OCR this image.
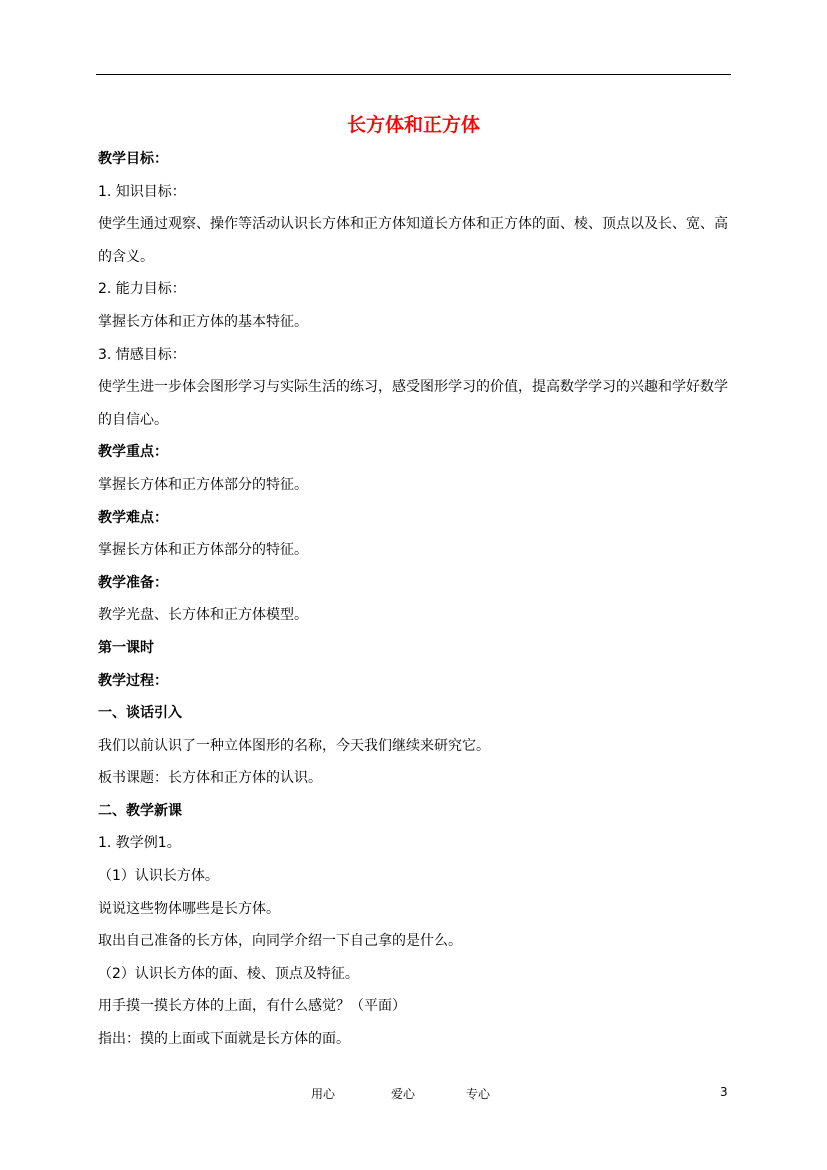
长方体和正方体
教学目标：
1. 知识目标：
使学生通过观察、操作等活动认识长方体和正方体知道长方体和正方体的面、棱、顶点以及长、宽、高的含义。
2. 能力目标：
掌握长方体和正方体的基本特征。
3. 情感目标：
使学生进一步体会图形学习与实际生活的练习，感受图形学习的价值，提高数学学习的兴趣和学好数学的自信心。
教学重点：
掌握长方体和正方体部分的特征。
教学难点：
掌握长方体和正方体部分的特征。
教学准备：
教学光盘、长方体和正方体模型。
第一课时
教学过程：
一、谈话引入
我们以前认识了一种立体图形的名称，今天我们继续来研究它。
板书课题：长方体和正方体的认识。
二、教学新课
1. 教学例1。
（1）认识长方体。
说说这些物体哪些是长方体。
取出自己准备的长方体，向同学介绍一下自己拿的是什么。
（2）认识长方体的面、棱、顶点及特征。
用手摸一摸长方体的上面，有什么感觉？（平面）
指出：摸的上面或下面就是长方体的面。
用心	爱心	专心	3
